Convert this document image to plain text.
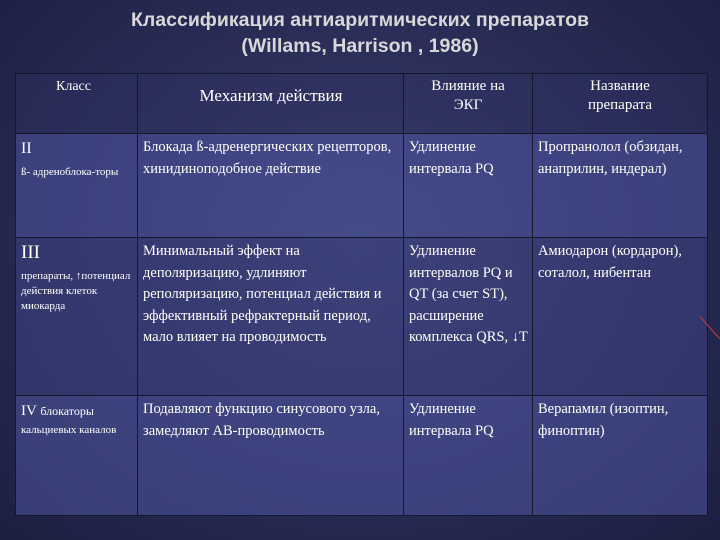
Классификация антиаритмических препаратов
(Willams, Harrison , 1986)
Класс	Механизм действия	Влияние на ЭКГ	Название препарата

II
ß- адреноблока-торы	Блокада ß-адренергических рецепторов, хинидиноподобное действие	Удлинение интервала PQ	Пропранолол (обзидан, анаприлин, индерал)

III
препараты, ↑потенциал действия клеток миокарда	Минимальный эффект на деполяризацию, удлиняют реполяризацию, потенциал действия и эффективный рефрактерный период, мало влияет на проводимость	Удлинение интервалов PQ и QT (за счет ST), расширение комплекса QRS, ↓T	Амиодарон (кордарон), соталол, нибентан

IV блокаторы
кальциевых каналов	Подавляют функцию синусового узла, замедляют АВ-проводимость	Удлинение интервала PQ	Верапамил (изоптин, финоптин)
